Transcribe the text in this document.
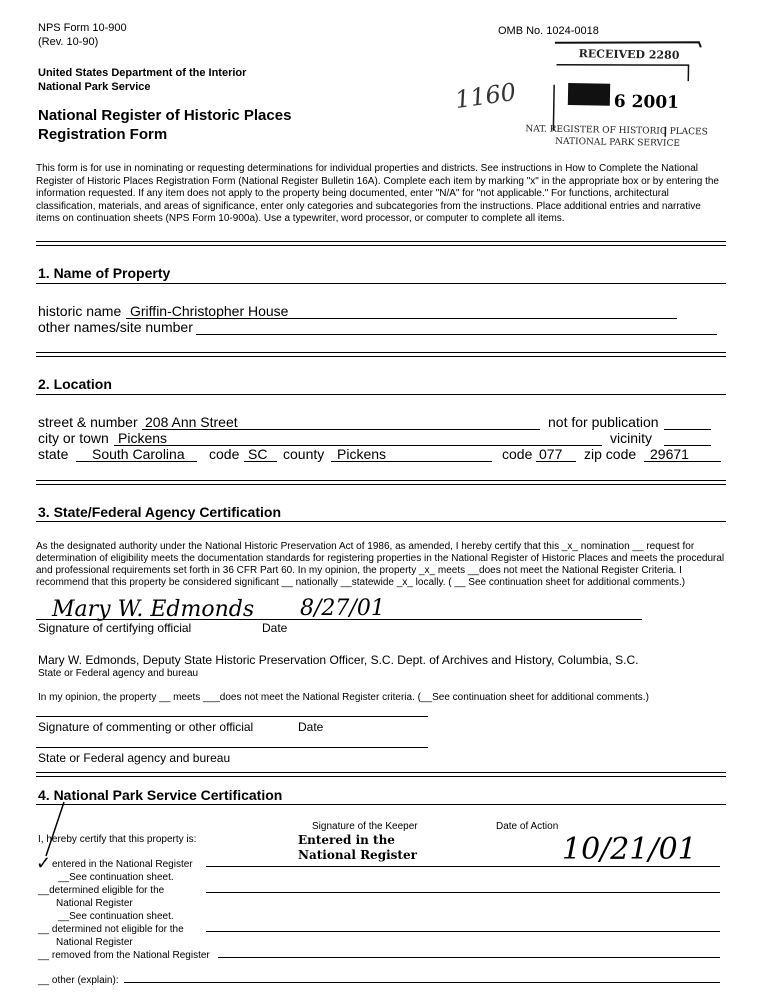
NPS Form 10-900
(Rev. 10-90)
OMB No. 1024-0018
United States Department of the Interior
National Park Service
National Register of Historic Places
Registration Form
1160
RECEIVED 2280
6 2001
NAT. REGISTER OF HISTORIC PLACES
NATIONAL PARK SERVICE
This form is for use in nominating or requesting determinations for individual properties and districts. See instructions in How to Complete the National Register of Historic Places Registration Form (National Register Bulletin 16A). Complete each item by marking "x" in the appropriate box or by entering the information requested. If any item does not apply to the property being documented, enter "N/A" for "not applicable." For functions, architectural classification, materials, and areas of significance, enter only categories and subcategories from the instructions. Place additional entries and narrative items on continuation sheets (NPS Form 10-900a). Use a typewriter, word processor, or computer to complete all items.
1. Name of Property
historic name Griffin-Christopher House
other names/site number
2. Location
street & number 208 Ann Street	not for publication
city or town Pickens	vicinity
state South Carolina code SC county Pickens	code 077 zip code 29671
3. State/Federal Agency Certification
As the designated authority under the National Historic Preservation Act of 1986, as amended, I hereby certify that this _x_ nomination __ request for determination of eligibility meets the documentation standards for registering properties in the National Register of Historic Places and meets the procedural and professional requirements set forth in 36 CFR Part 60. In my opinion, the property _x_ meets __does not meet the National Register Criteria. I recommend that this property be considered significant __ nationally __statewide _x_ locally. ( __ See continuation sheet for additional comments.)
Mary W. Edmonds 8/27/01
Signature of certifying official	Date
Mary W. Edmonds, Deputy State Historic Preservation Officer, S.C. Dept. of Archives and History, Columbia, S.C.
State or Federal agency and bureau
In my opinion, the property __ meets ___does not meet the National Register criteria. (__See continuation sheet for additional comments.)
Signature of commenting or other official	Date
State or Federal agency and bureau
4. National Park Service Certification
I, hereby certify that this property is:
Signature of the Keeper	Date of Action
Entered in the
National Register	10/21/01
✓ entered in the National Register
__See continuation sheet.
__determined eligible for the
National Register
__See continuation sheet.
__ determined not eligible for the
National Register
__ removed from the National Register
__ other (explain):
